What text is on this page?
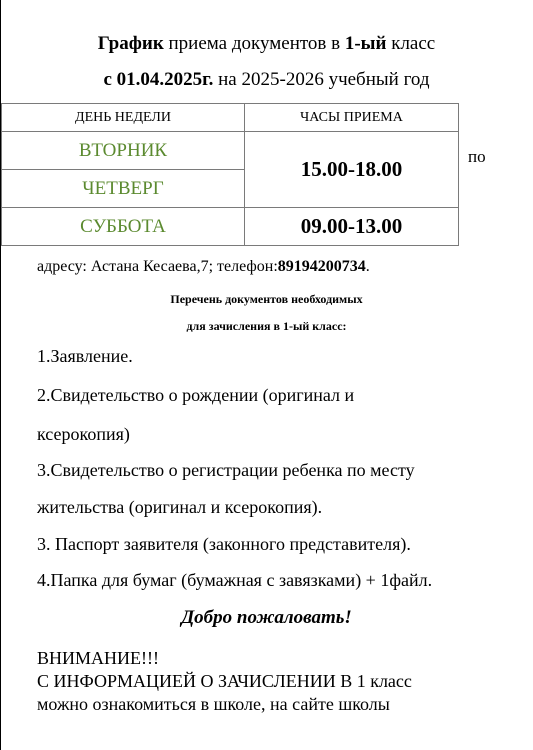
График приема документов в 1-ый класс
с 01.04.2025г. на 2025-2026 учебный год
ДЕНЬ НЕДЕЛИ	ЧАСЫ ПРИЕМА
ВТОРНИК	15.00-18.00
ЧЕТВЕРГ	
СУББОТА	09.00-13.00
по
адресу: Астана Кесаева,7; телефон:89194200734.
Перечень документов необходимых
для зачисления в 1-ый класс:
1.Заявление.
2.Свидетельство о рождении (оригинал и
ксерокопия)
3.Свидетельство о регистрации ребенка по месту
жительства (оригинал и ксерокопия).
3. Паспорт заявителя (законного представителя).
4.Папка для бумаг (бумажная с завязками) + 1файл.
Добро пожаловать!
ВНИМАНИЕ!!!
С ИНФОРМАЦИЕЙ О ЗАЧИСЛЕНИИ В 1 класс
можно ознакомиться в школе, на сайте школы
